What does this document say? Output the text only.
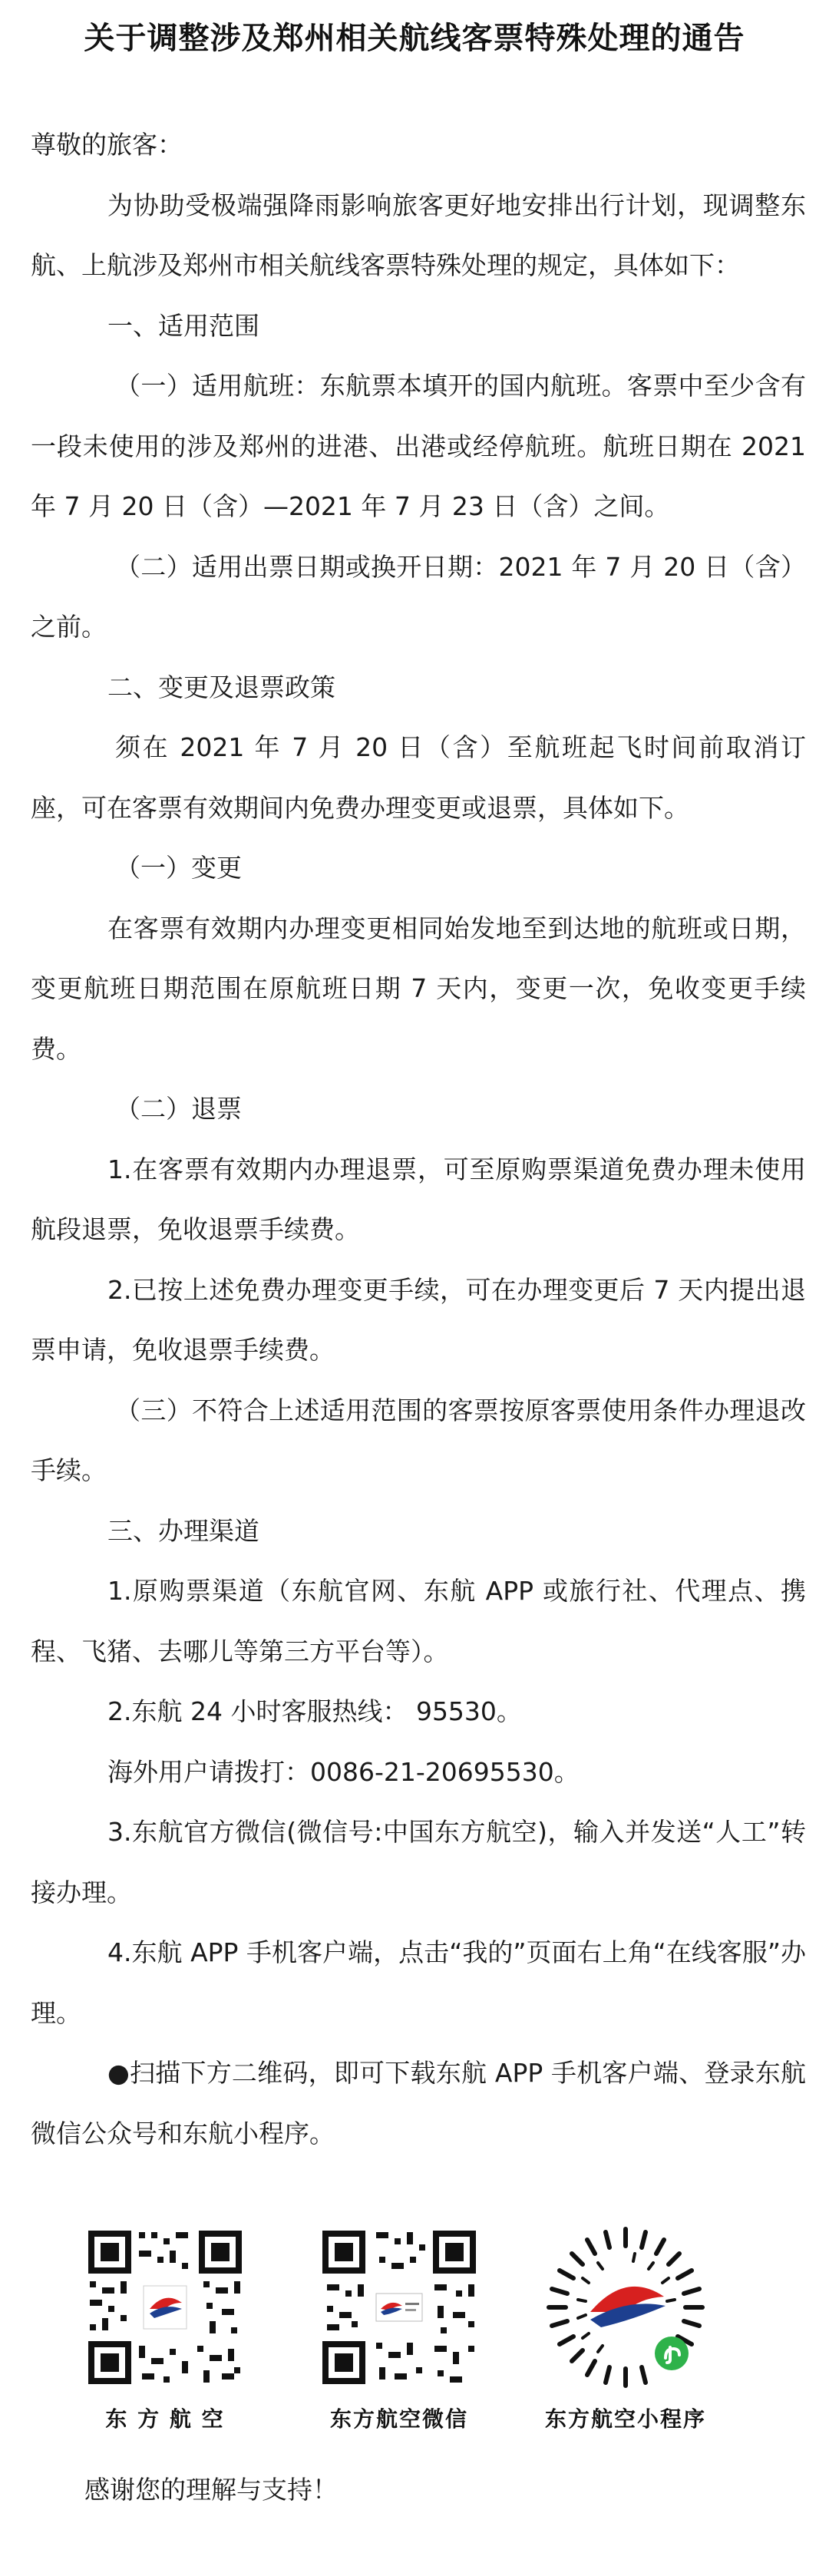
关于调整涉及郑州相关航线客票特殊处理的通告

尊敬的旅客：

为协助受极端强降雨影响旅客更好地安排出行计划，现调整东航、上航涉及郑州市相关航线客票特殊处理的规定，具体如下：

一、适用范围

（一）适用航班：东航票本填开的国内航班。客票中至少含有一段未使用的涉及郑州的进港、出港或经停航班。航班日期在 2021 年 7 月 20 日（含）—2021 年 7 月 23 日（含）之间。

（二）适用出票日期或换开日期：2021 年 7 月 20 日（含）之前。

二、变更及退票政策

须在 2021 年 7 月 20 日（含）至航班起飞时间前取消订座，可在客票有效期间内免费办理变更或退票，具体如下。

（一）变更

在客票有效期内办理变更相同始发地至到达地的航班或日期，变更航班日期范围在原航班日期 7 天内，变更一次，免收变更手续费。

（二）退票

1.在客票有效期内办理退票，可至原购票渠道免费办理未使用航段退票，免收退票手续费。

2.已按上述免费办理变更手续，可在办理变更后 7 天内提出退票申请，免收退票手续费。

（三）不符合上述适用范围的客票按原客票使用条件办理退改手续。

三、办理渠道

1.原购票渠道（东航官网、东航 APP 或旅行社、代理点、携程、飞猪、去哪儿等第三方平台等）。

2.东航 24 小时客服热线： 95530。

海外用户请拨打：0086-21-20695530。

3.东航官方微信(微信号:中国东方航空)，输入并发送“人工”转接办理。

4.东航 APP 手机客户端，点击“我的”页面右上角“在线客服”办理。

●扫描下方二维码，即可下载东航 APP 手机客户端、登录东航微信公众号和东航小程序。

东 方 航 空	东方航空微信	东方航空小程序
感谢您的理解与支持！
